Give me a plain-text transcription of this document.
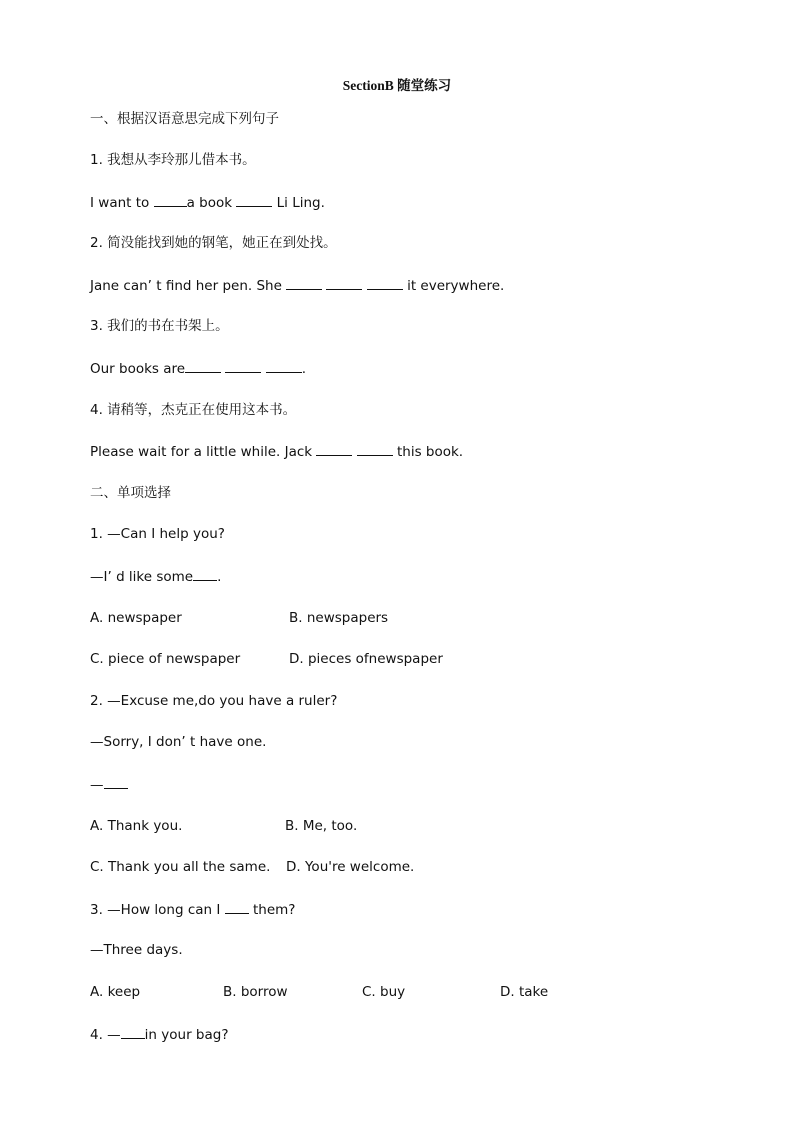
SectionB 随堂练习
一、根据汉语意思完成下列句子
1. 我想从李玲那儿借本书。
I want to a book	Li Ling.
2. 简没能找到她的钢笔，她正在到处找。
Jane can’ t find her pen. She	it everywhere.
3. 我们的书在书架上。
Our books are	.
4. 请稍等，杰克正在使用这本书。
Please wait for a little while. Jack	this book.
二、单项选择
1. —Can I help you?
—I’ d like some .
A. newspaper	B. newspapers
C. piece of newspaper	D. pieces ofnewspaper
2. —Excuse me,do you have a ruler?
—Sorry, I don’ t have one.
—
A. Thank you.	B. Me, too.
C. Thank you all the same. D. You're welcome.
3. —How long can I  them?
—Three days.
A. keep	B. borrow	C. buy	D. take
4. — in your bag?
